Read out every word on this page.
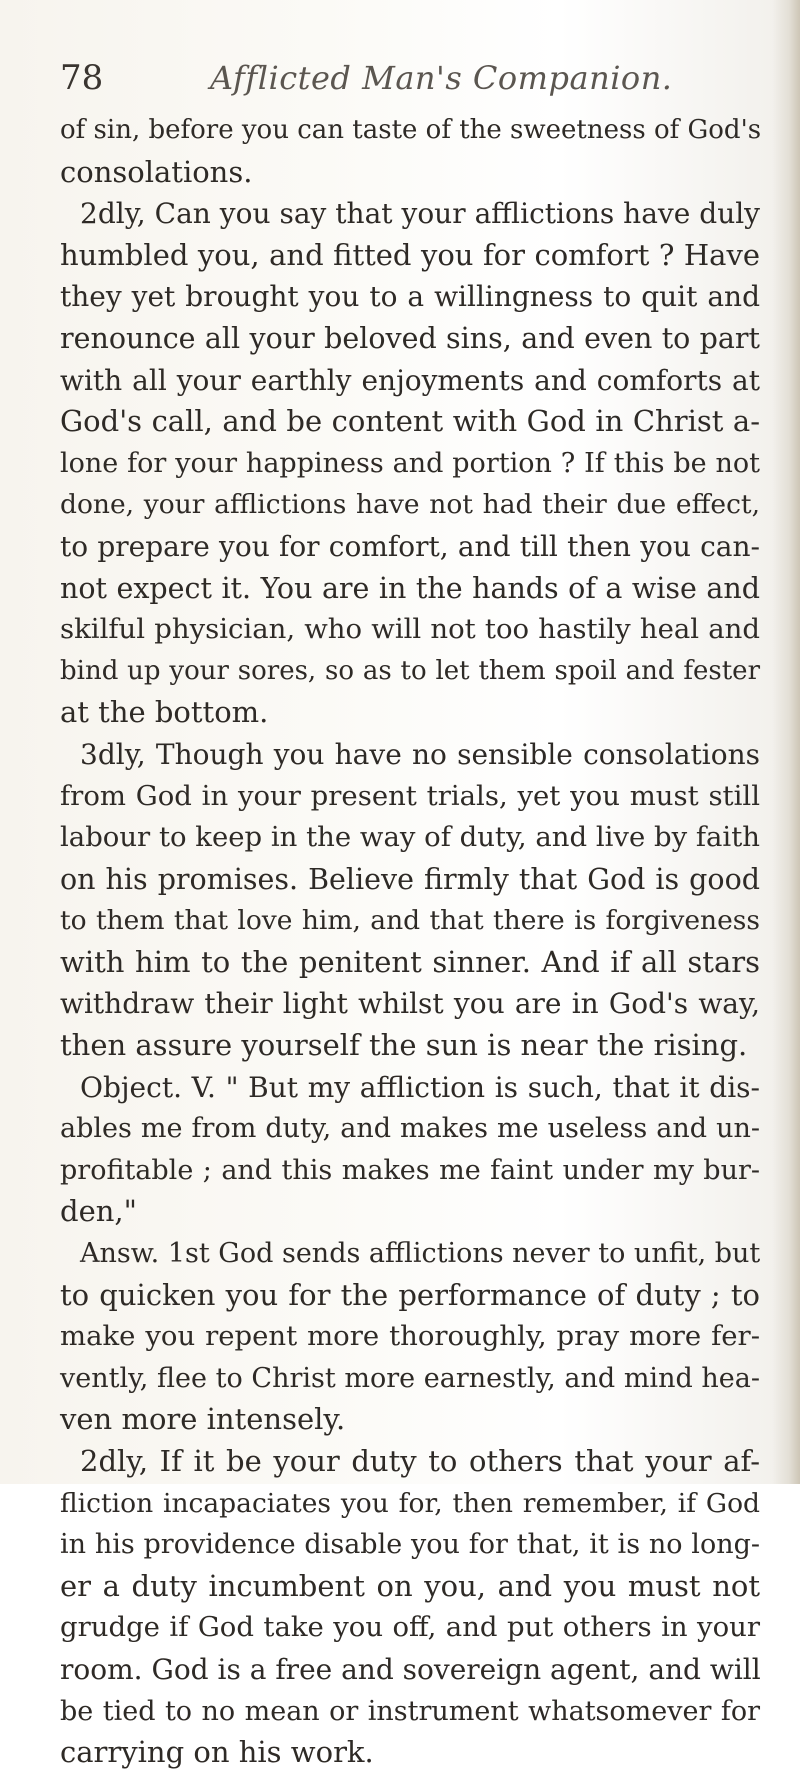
78	Afflicted Man's Companion.
of sin, before you can taste of the sweetness of God's
consolations.
2dly, Can you say that your afflictions have duly
humbled you, and fitted you for comfort ? Have
they yet brought you to a willingness to quit and
renounce all your beloved sins, and even to part
with all your earthly enjoyments and comforts at
God's call, and be content with God in Christ a-
lone for your happiness and portion ? If this be not
done, your afflictions have not had their due effect,
to prepare you for comfort, and till then you can-
not expect it. You are in the hands of a wise and
skilful physician, who will not too hastily heal and
bind up your sores, so as to let them spoil and fester
at the bottom.
3dly, Though you have no sensible consolations
from God in your present trials, yet you must still
labour to keep in the way of duty, and live by faith
on his promises. Believe firmly that God is good
to them that love him, and that there is forgiveness
with him to the penitent sinner. And if all stars
withdraw their light whilst you are in God's way,
then assure yourself the sun is near the rising.
Object. V. " But my affliction is such, that it dis-
ables me from duty, and makes me useless and un-
profitable ; and this makes me faint under my bur-
den,"
Answ. 1st God sends afflictions never to unfit, but
to quicken you for the performance of duty ; to
make you repent more thoroughly, pray more fer-
vently, flee to Christ more earnestly, and mind hea-
ven more intensely.
2dly, If it be your duty to others that your af-
fliction incapaciates you for, then remember, if God
in his providence disable you for that, it is no long-
er a duty incumbent on you, and you must not
grudge if God take you off, and put others in your
room. God is a free and sovereign agent, and will
be tied to no mean or instrument whatsomever for
carrying on his work.
